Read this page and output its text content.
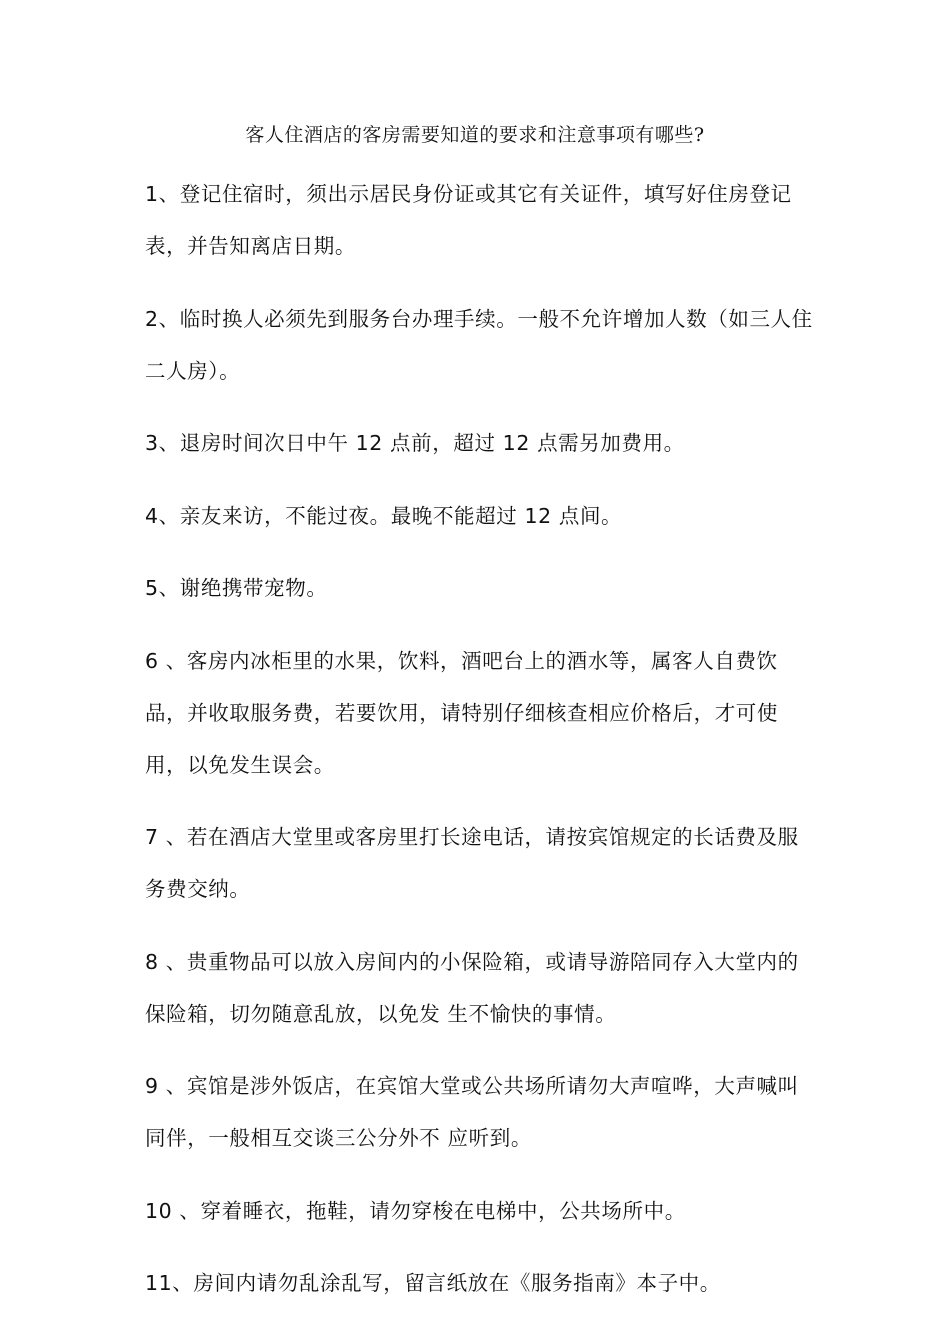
客人住酒店的客房需要知道的要求和注意事项有哪些?

1、登记住宿时，须出示居民身份证或其它有关证件，填写好住房登记表，并告知离店日期。

2、临时换人必须先到服务台办理手续。一般不允许增加人数（如三人住二人房）。

3、退房时间次日中午 12 点前，超过 12 点需另加费用。

4、亲友来访，不能过夜。最晚不能超过 12 点间。

5、谢绝携带宠物。

6 、客房内冰柜里的水果，饮料，酒吧台上的酒水等，属客人自费饮品，并收取服务费，若要饮用，请特别仔细核查相应价格后，才可使用，以免发生误会。

7 、若在酒店大堂里或客房里打长途电话，请按宾馆规定的长话费及服务费交纳。

8 、贵重物品可以放入房间内的小保险箱，或请导游陪同存入大堂内的保险箱，切勿随意乱放，以免发 生不愉快的事情。

9 、宾馆是涉外饭店，在宾馆大堂或公共场所请勿大声喧哗，大声喊叫同伴，一般相互交谈三公分外不 应听到。

10 、穿着睡衣，拖鞋，请勿穿梭在电梯中，公共场所中。

11、房间内请勿乱涂乱写，留言纸放在《服务指南》本子中。
